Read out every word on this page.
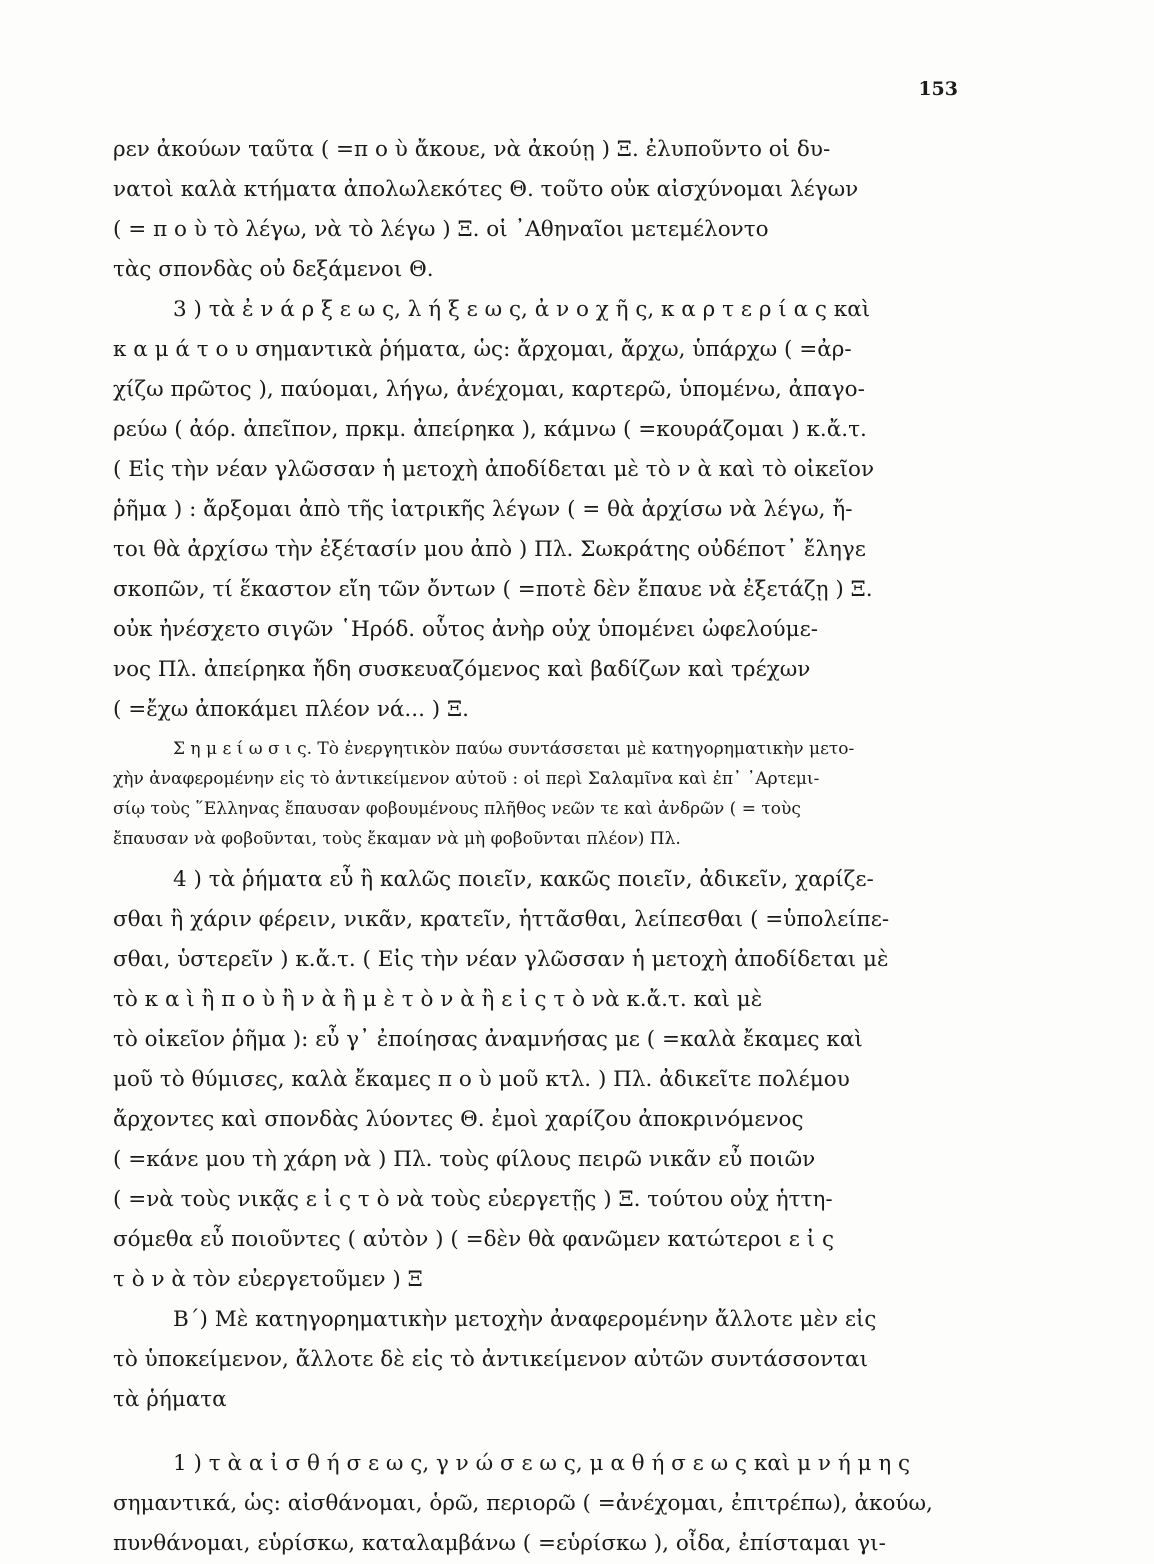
153
ρεν ἀκούων ταῦτα ( =π ο ὺ ἄκουε, νὰ ἀκούῃ ) Ξ. ἐλυποῦντο οἱ δυ-
νατοὶ καλὰ κτήματα ἀπολωλεκότες Θ. τοῦτο οὐκ αἰσχύνομαι λέγων
( = π ο ὺ τὸ λέγω, νὰ τὸ λέγω ) Ξ. οἱ ᾿Αθηναῖοι μετεμέλοντο
τὰς σπονδὰς οὐ δεξάμενοι Θ.
3 ) τὰ ἐ ν ά ρ ξ ε ω ς, λ ή ξ ε ω ς, ἀ ν ο χ ῆ ς, κ α ρ τ ε ρ ί α ς καὶ
κ α μ ά τ ο υ σημαντικὰ ῥήματα, ὡς: ἄρχομαι, ἄρχω, ὑπάρχω ( =ἀρ-
χίζω πρῶτος ), παύομαι, λήγω, ἀνέχομαι, καρτερῶ, ὑπομένω, ἀπαγο-
ρεύω ( ἀόρ. ἀπεῖπον, πρκμ. ἀπείρηκα ), κάμνω ( =κουράζομαι ) κ.ἄ.τ.
( Εἰς τὴν νέαν γλῶσσαν ἡ μετοχὴ ἀποδίδεται μὲ τὸ ν ὰ καὶ τὸ οἰκεῖον
ῥῆμα ) : ἄρξομαι ἀπὸ τῆς ἰατρικῆς λέγων ( = θὰ ἀρχίσω νὰ λέγω, ἤ-
τοι θὰ ἀρχίσω τὴν ἐξέτασίν μου ἀπὸ ) Πλ. Σωκράτης οὐδέποτ᾿ ἔληγε
σκοπῶν, τί ἕκαστον εἴη τῶν ὄντων ( =ποτὲ δὲν ἔπαυε νὰ ἐξετάζῃ ) Ξ.
οὐκ ἠνέσχετο σιγῶν ῾Ηρόδ. οὗτος ἀνὴρ οὐχ ὑπομένει ὠφελούμε-
νος Πλ. ἀπείρηκα ἤδη συσκευαζόμενος καὶ βαδίζων καὶ τρέχων
( =ἔχω ἀποκάμει πλέον νά... ) Ξ.
Σ η μ ε ί ω σ ι ς. Τὸ ἐνεργητικὸν παύω συντάσσεται μὲ κατηγορηματικὴν μετο-
χὴν ἀναφερομένην εἰς τὸ ἀντικείμενον αὐτοῦ : οἱ περὶ Σαλαμῖνα καὶ ἐπ᾿ ᾿Αρτεμι-
σίῳ τοὺς ῞Ελληνας ἔπαυσαν φοβουμένους πλῆθος νεῶν τε καὶ ἀνδρῶν ( = τοὺς
ἔπαυσαν νὰ φοβοῦνται, τοὺς ἔκαμαν νὰ μὴ φοβοῦνται πλέον) Πλ.
4 ) τὰ ῥήματα εὖ ἢ καλῶς ποιεῖν, κακῶς ποιεῖν, ἀδικεῖν, χαρίζε-
σθαι ἢ χάριν φέρειν, νικᾶν, κρατεῖν, ἡττᾶσθαι, λείπεσθαι ( =ὑπολείπε-
σθαι, ὑστερεῖν ) κ.ἄ.τ. ( Εἰς τὴν νέαν γλῶσσαν ἡ μετοχὴ ἀποδίδεται μὲ
τὸ κ α ὶ ἢ π ο ὺ ἢ ν ὰ ἢ μ ὲ τ ὸ ν ὰ ἢ ε ἰ ς τ ὸ νὰ κ.ἄ.τ. καὶ μὲ
τὸ οἰκεῖον ῥῆμα ): εὖ γ᾿ ἐποίησας ἀναμνήσας με ( =καλὰ ἔκαμες καὶ
μοῦ τὸ θύμισες, καλὰ ἔκαμες π ο ὺ μοῦ κτλ. ) Πλ. ἀδικεῖτε πολέμου
ἄρχοντες καὶ σπονδὰς λύοντες Θ. ἐμοὶ χαρίζου ἀποκρινόμενος
( =κάνε μου τὴ χάρη νὰ ) Πλ. τοὺς φίλους πειρῶ νικᾶν εὖ ποιῶν
( =νὰ τοὺς νικᾷς ε ἰ ς τ ὸ νὰ τοὺς εὐεργετῇς ) Ξ. τούτου οὐχ ἡττη-
σόμεθα εὖ ποιοῦντες ( αὐτὸν ) ( =δὲν θὰ φανῶμεν κατώτεροι ε ἰ ς
τ ὸ ν ὰ τὸν εὐεργετοῦμεν ) Ξ
Β΄) Μὲ κατηγορηματικὴν μετοχὴν ἀναφερομένην ἄλλοτε μὲν εἰς
τὸ ὑποκείμενον, ἄλλοτε δὲ εἰς τὸ ἀντικείμενον αὐτῶν συντάσσονται
τὰ ῥήματα
1 ) τ ὰ α ἰ σ θ ή σ ε ω ς, γ ν ώ σ ε ω ς, μ α θ ή σ ε ω ς καὶ μ ν ή μ η ς
σημαντικά, ὡς: αἰσθάνομαι, ὁρῶ, περιορῶ ( =ἀνέχομαι, ἐπιτρέπω), ἀκούω,
πυνθάνομαι, εὑρίσκω, καταλαμβάνω ( =εὑρίσκω ), οἶδα, ἐπίσταμαι γι-
